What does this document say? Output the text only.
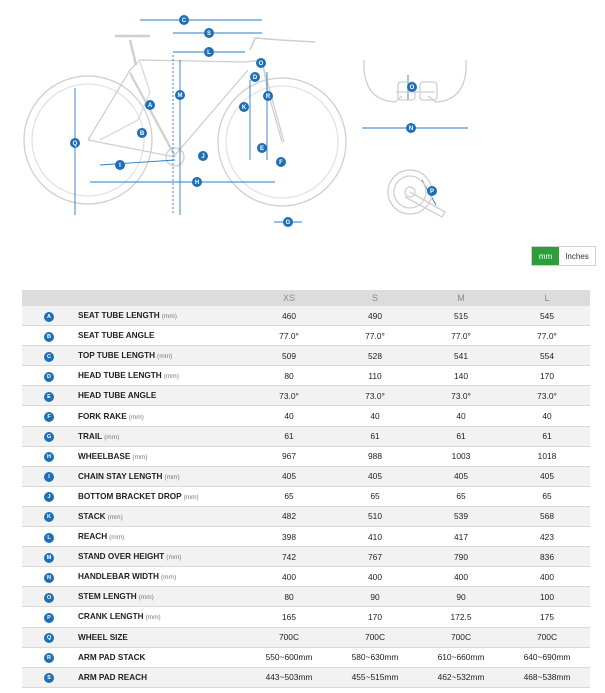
C
S
L
M
A
B
Q
I
J
H
K
D
O
R
E
F
G
O
N
P
mm	Inches
		XS	S	M	L
A	SEAT TUBE LENGTH (mm)	460	490	515	545
B	SEAT TUBE ANGLE	77.0°	77.0°	77.0°	77.0°
C	TOP TUBE LENGTH (mm)	509	528	541	554
D	HEAD TUBE LENGTH (mm)	80	110	140	170
E	HEAD TUBE ANGLE	73.0°	73.0°	73.0°	73.0°
F	FORK RAKE (mm)	40	40	40	40
G	TRAIL (mm)	61	61	61	61
H	WHEELBASE (mm)	967	988	1003	1018
I	CHAIN STAY LENGTH (mm)	405	405	405	405
J	BOTTOM BRACKET DROP (mm)	65	65	65	65
K	STACK (mm)	482	510	539	568
L	REACH (mm)	398	410	417	423
M	STAND OVER HEIGHT (mm)	742	767	790	836
N	HANDLEBAR WIDTH (mm)	400	400	400	400
O	STEM LENGTH (mm)	80	90	90	100
P	CRANK LENGTH (mm)	165	170	172.5	175
Q	WHEEL SIZE	700C	700C	700C	700C
R	ARM PAD STACK	550~600mm	580~630mm	610~660mm	640~690mm
S	ARM PAD REACH	443~503mm	455~515mm	462~532mm	468~538mm
